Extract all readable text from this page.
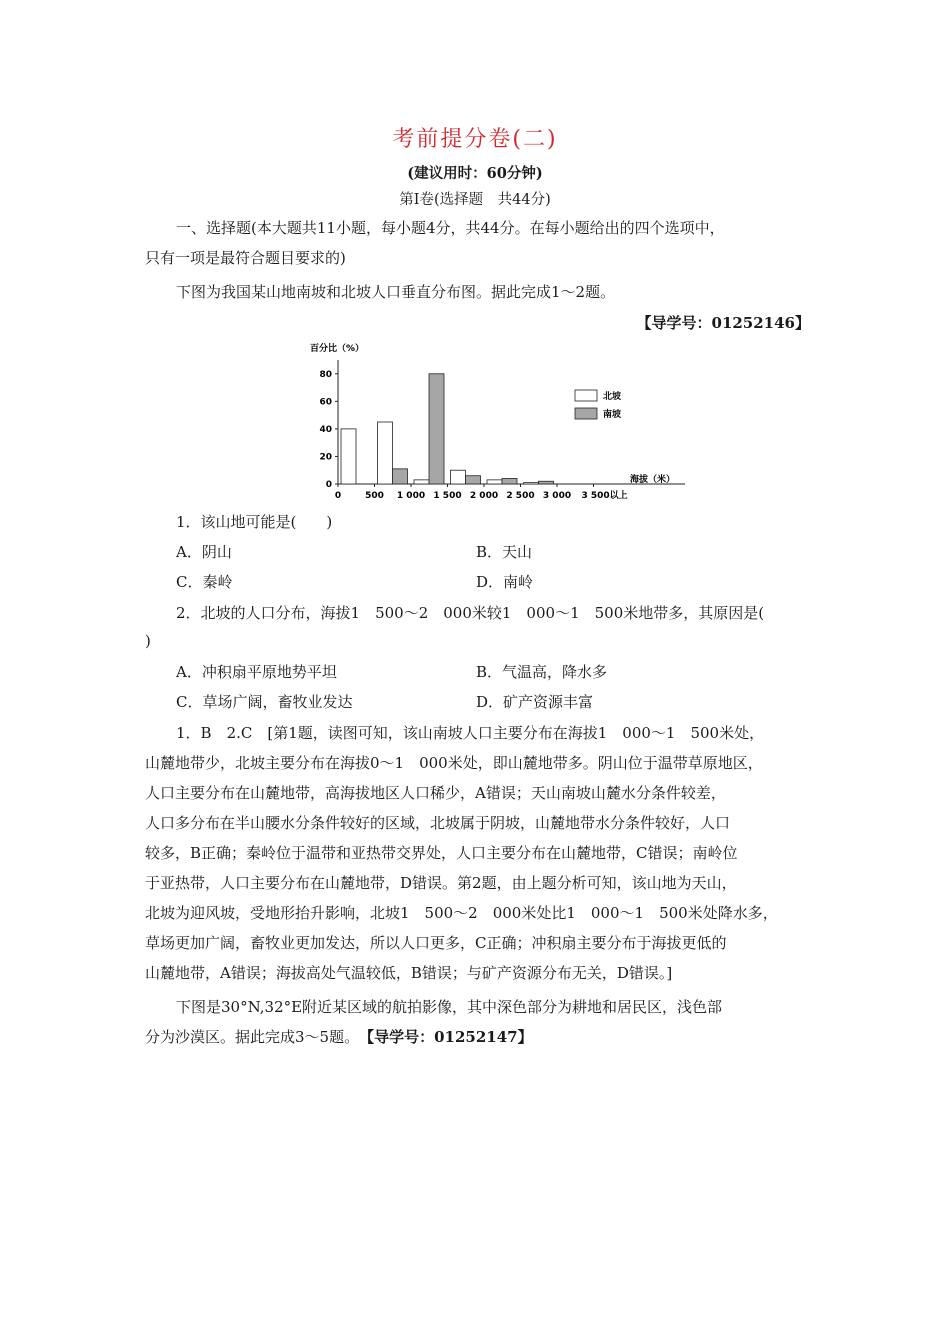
考前提分卷(二)
(建议用时：60分钟)
第Ⅰ卷(选择题　共44分)
一、选择题(本大题共11小题，每小题4分，共44分。在每小题给出的四个选项中，
只有一项是最符合题目要求的)
下图为我国某山地南坡和北坡人口垂直分布图。据此完成1～2题。
【导学号：01252146】
百分比（%）
0
20
40
60
80
0	500 1 000 1 500 2 000 2 500 3 000 3 500以上
海拔（米）
北坡
南坡
1．该山地可能是(　　)
A．阴山	B．天山
C．秦岭	D．南岭
2．北坡的人口分布，海拔1　500～2　000米较1　000～1　500米地带多，其原因是(
)
A．冲积扇平原地势平坦	B．气温高，降水多
C．草场广阔，畜牧业发达	D．矿产资源丰富
1．B　2.C　[第1题，读图可知，该山南坡人口主要分布在海拔1　000～1　500米处，
山麓地带少，北坡主要分布在海拔0～1　000米处，即山麓地带多。阴山位于温带草原地区，
人口主要分布在山麓地带，高海拔地区人口稀少，A错误；天山南坡山麓水分条件较差，
人口多分布在半山腰水分条件较好的区域，北坡属于阴坡，山麓地带水分条件较好，人口
较多，B正确；秦岭位于温带和亚热带交界处，人口主要分布在山麓地带，C错误；南岭位
于亚热带，人口主要分布在山麓地带，D错误。第2题，由上题分析可知，该山地为天山，
北坡为迎风坡，受地形抬升影响，北坡1　500～2　000米处比1　000～1　500米处降水多，
草场更加广阔，畜牧业更加发达，所以人口更多，C正确；冲积扇主要分布于海拔更低的
山麓地带，A错误；海拔高处气温较低，B错误；与矿产资源分布无关，D错误。]
下图是30°N,32°E附近某区域的航拍影像，其中深色部分为耕地和居民区，浅色部
分为沙漠区。据此完成3～5题。　【导学号：01252147】
